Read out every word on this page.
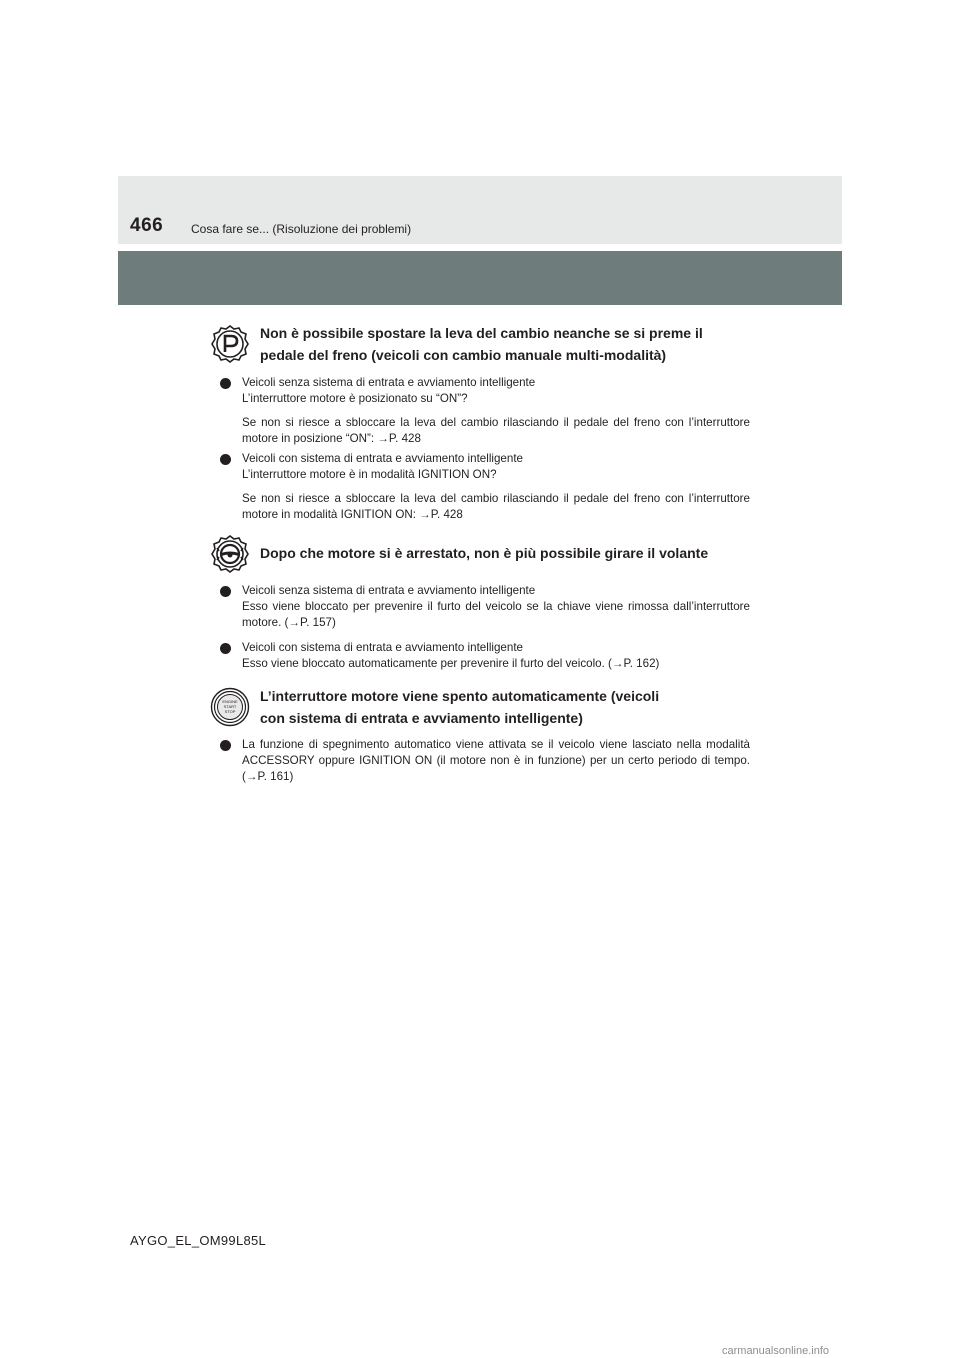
466 Cosa fare se... (Risoluzione dei problemi)
Non è possibile spostare la leva del cambio neanche se si preme il pedale del freno (veicoli con cambio manuale multi-modalità)

Veicoli senza sistema di entrata e avviamento intelligente

L’interruttore motore è posizionato su “ON”?

Se non si riesce a sbloccare la leva del cambio rilasciando il pedale del freno con l’interruttore motore in posizione “ON”: →P. 428

Veicoli con sistema di entrata e avviamento intelligente

L’interruttore motore è in modalità IGNITION ON?

Se non si riesce a sbloccare la leva del cambio rilasciando il pedale del freno con l’interruttore motore in modalità IGNITION ON: →P. 428

Dopo che motore si è arrestato, non è più possibile girare il volante

Veicoli senza sistema di entrata e avviamento intelligente

Esso viene bloccato per prevenire il furto del veicolo se la chiave viene rimossa dall’interruttore motore. (→P. 157)

Veicoli con sistema di entrata e avviamento intelligente

Esso viene bloccato automaticamente per prevenire il furto del veicolo. (→P. 162)

ENGINE
START
STOP
L’interruttore motore viene spento automaticamente (veicoli con sistema di entrata e avviamento intelligente)

La funzione di spegnimento automatico viene attivata se il veicolo viene lasciato nella modalità ACCESSORY oppure IGNITION ON (il motore non è in funzione) per un certo periodo di tempo. (→P. 161)

AYGO_EL_OM99L85L
carmanualsonline.info
